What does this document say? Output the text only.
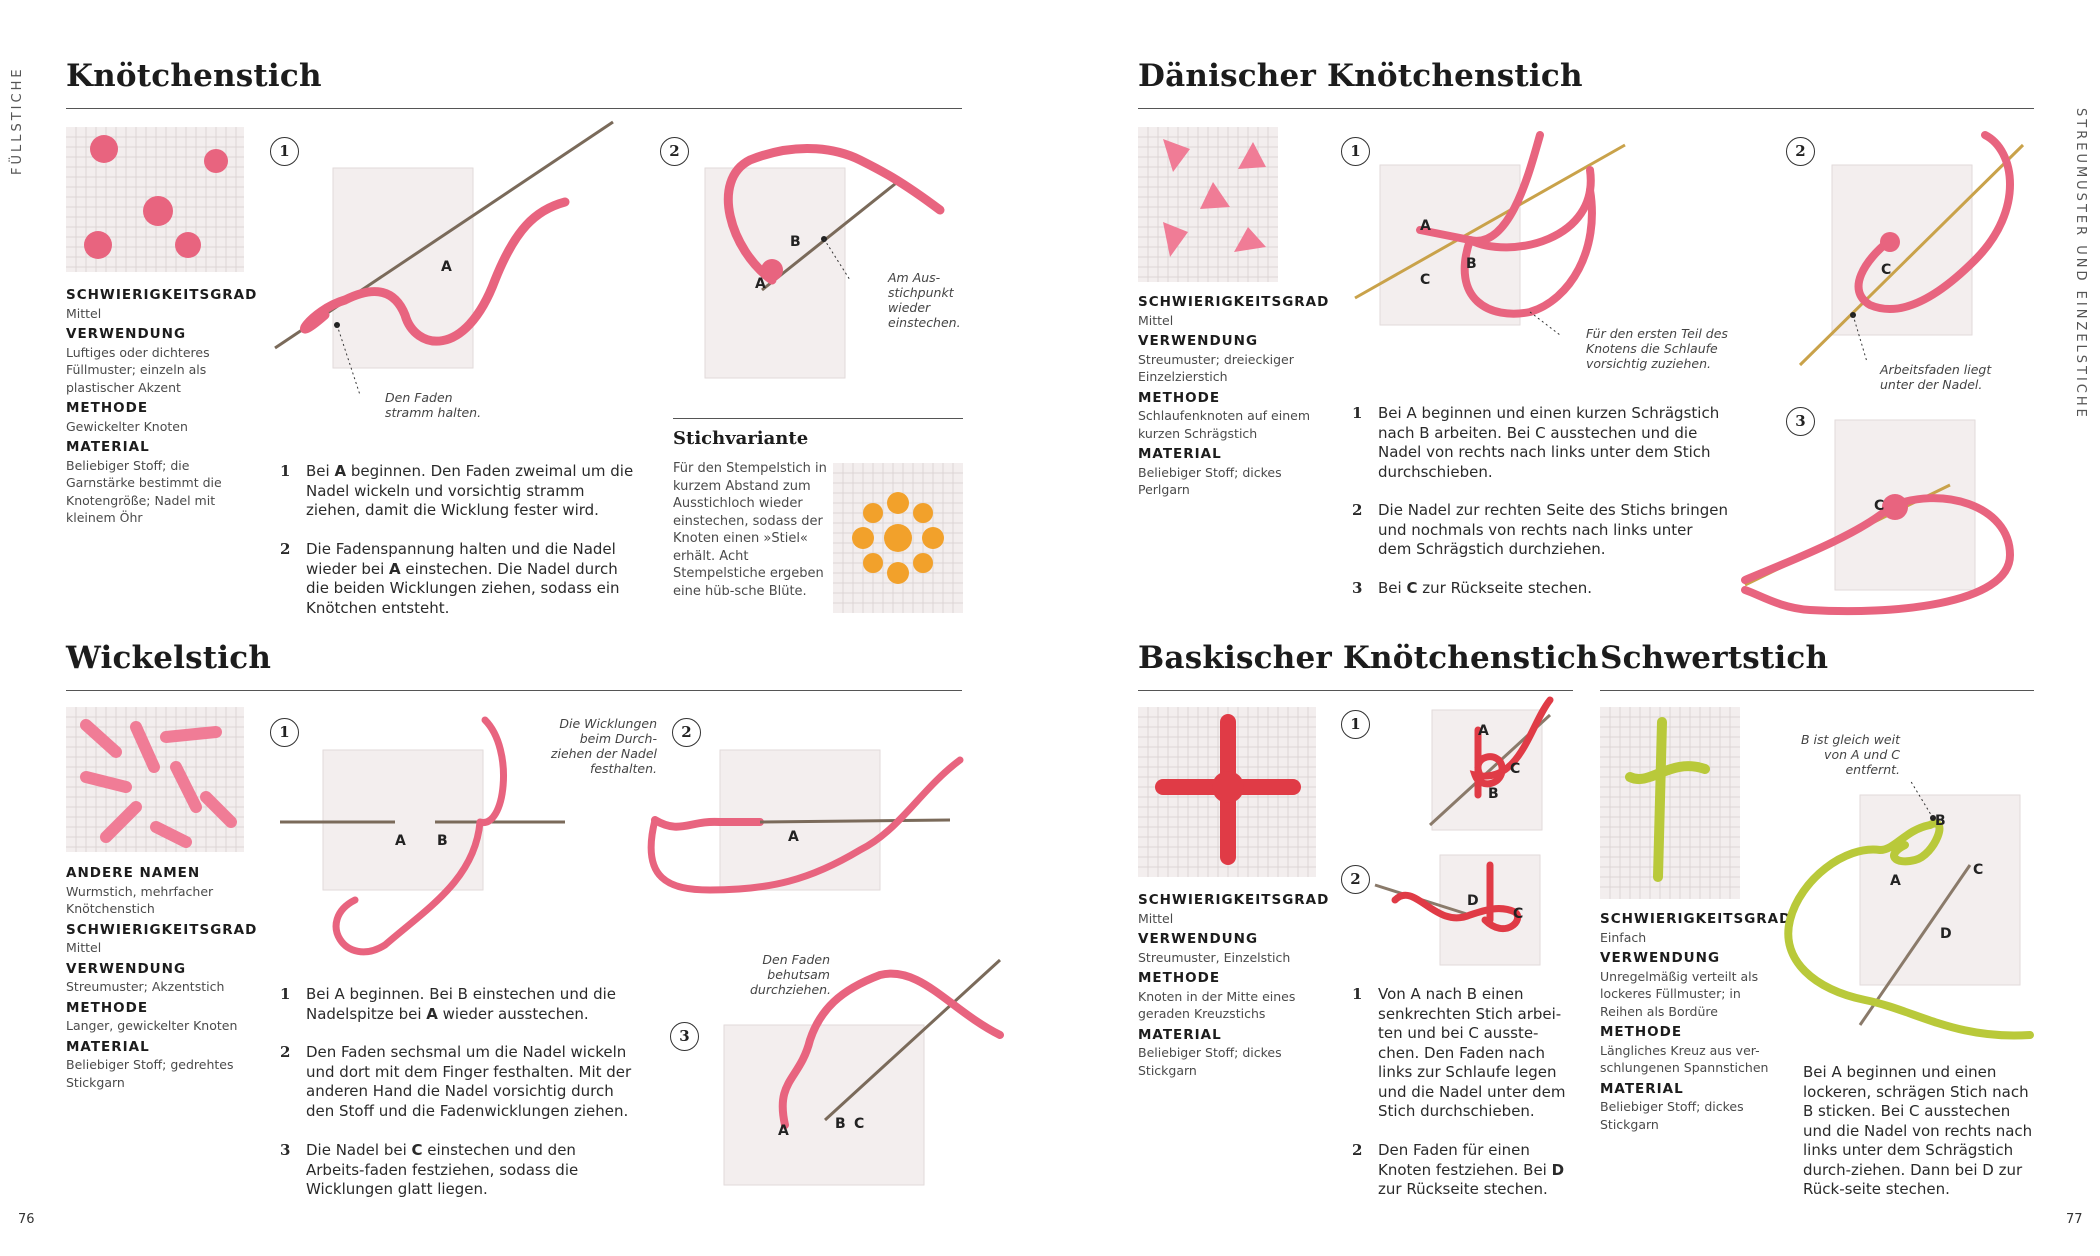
FÜLLSTICHE	STREUMUSTER UND EINZELSTICHE
76	77
Knötchenstich
SCHWIERIGKEITSGRAD
Mittel
VERWENDUNG
Luftiges oder dichteres Füllmuster; einzeln als plastischer Akzent
METHODE
Gewickelter Knoten
MATERIAL
Beliebiger Stoff; die Garnstärke bestimmt die Knotengröße; Nadel mit kleinem Öhr
1
A
Den Faden stramm halten.
2
A
B
Am Aus-stichpunkt wieder einstechen.
1 Bei A beginnen. Den Faden zweimal um die Nadel wickeln und vorsichtig stramm ziehen, damit die Wicklung fester wird.
2 Die Fadenspannung halten und die Nadel wieder bei A einstechen. Die Nadel durch die beiden Wicklungen ziehen, sodass ein Knötchen entsteht.
Stichvariante
Für den Stempelstich in kurzem Abstand zum Ausstichloch wieder einstechen, sodass der Knoten einen »Stiel« erhält. Acht Stempelstiche ergeben eine hüb-sche Blüte.
Wickelstich
ANDERE NAMEN
Wurmstich, mehrfacher Knötchenstich
SCHWIERIGKEITSGRAD
Mittel
VERWENDUNG
Streumuster; Akzentstich
METHODE
Langer, gewickelter Knoten
MATERIAL
Beliebiger Stoff; gedrehtes Stickgarn
1
A B
2
Die Wicklungen beim Durch-ziehen der Nadel festhalten.
A
3
Den Faden behutsam durchziehen.
A	B C
1 Bei A beginnen. Bei B einstechen und die Nadelspitze bei A wieder ausstechen.
2 Den Faden sechsmal um die Nadel wickeln und dort mit dem Finger festhalten. Mit der anderen Hand die Nadel vorsichtig durch den Stoff und die Fadenwicklungen ziehen.
3 Die Nadel bei C einstechen und den Arbeits-faden festziehen, sodass die Wicklungen glatt liegen.
Dänischer Knötchenstich
SCHWIERIGKEITSGRAD
Mittel
VERWENDUNG
Streumuster; dreieckiger Einzelzierstich
METHODE
Schlaufenknoten auf einem kurzen Schrägstich
MATERIAL
Beliebiger Stoff; dickes Perlgarn
1
A
B
C
Für den ersten Teil des Knotens die Schlaufe vorsichtig zuziehen.
2
C
Arbeitsfaden liegt unter der Nadel.
3
C
1 Bei A beginnen und einen kurzen Schrägstich nach B arbeiten. Bei C ausstechen und die Nadel von rechts nach links unter dem Stich durchschieben.
2 Die Nadel zur rechten Seite des Stichs bringen und nochmals von rechts nach links unter dem Schrägstich durchziehen.
3 Bei C zur Rückseite stechen.
Baskischer Knötchenstich
SCHWIERIGKEITSGRAD
Mittel
VERWENDUNG
Streumuster, Einzelstich
METHODE
Knoten in der Mitte eines geraden Kreuzstichs
MATERIAL
Beliebiger Stoff; dickes Stickgarn
1	A
C
B
2
D
C
1 Von A nach B einen senkrechten Stich arbei-ten und bei C ausste-chen. Den Faden nach links zur Schlaufe legen und die Nadel unter dem Stich durchschieben.
2 Den Faden für einen Knoten festziehen. Bei D zur Rückseite stechen.
Schwertstich
SCHWIERIGKEITSGRAD
Einfach
VERWENDUNG
Unregelmäßig verteilt als lockeres Füllmuster; in Reihen als Bordüre
METHODE
Längliches Kreuz aus ver-schlungenen Spannstichen
MATERIAL
Beliebiger Stoff; dickes Stickgarn
B ist gleich weit von A und C entfernt.
B
A
C
D
Bei A beginnen und einen lockeren, schrägen Stich nach B sticken. Bei C ausstechen und die Nadel von rechts nach links unter dem Schrägstich durch-ziehen. Dann bei D zur Rück-seite stechen.
